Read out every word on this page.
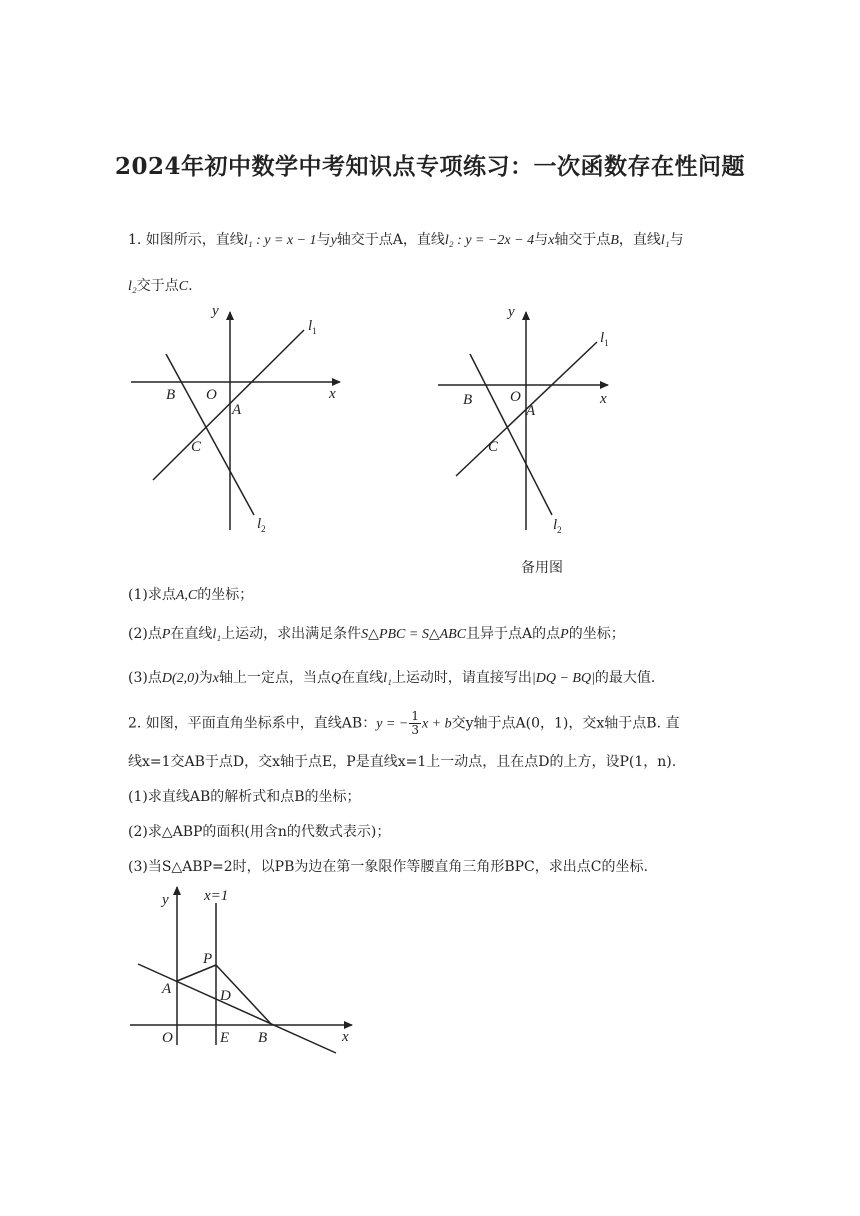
2024年初中数学中考知识点专项练习：一次函数存在性问题
1. 如图所示，直线l₁ : y = x − 1与y轴交于点A，直线l₂ : y = −2x − 4与x轴交于点B，直线l₁与
l₂交于点C.
y
x
O
A
B
C
$l_1$
$l_2$
y
x
O
A
B
C
$l_1$
$l_2$
备用图
(1)求点A,C的坐标；
(2)点P在直线l₁上运动，求出满足条件S△PBC = S△ABC且异于点A的点P的坐标；
(3)点D(2,0)为x轴上一定点，当点Q在直线l₁上运动时，请直接写出|DQ − BQ|的最大值.
2. 如图，平面直角坐标系中，直线AB：y = − $\frac{1}{3}$ x + b交y轴于点A(0，1)，交x轴于点B. 直
线x=1交AB于点D，交x轴于点E，P是直线x=1上一动点，且在点D的上方，设P(1，n).
(1)求直线AB的解析式和点B的坐标；
(2)求△ABP的面积(用含n的代数式表示)；
(3)当S△ABP=2时，以PB为边在第一象限作等腰直角三角形BPC，求出点C的坐标.
y x=1
x
O
A
P
D
E B
